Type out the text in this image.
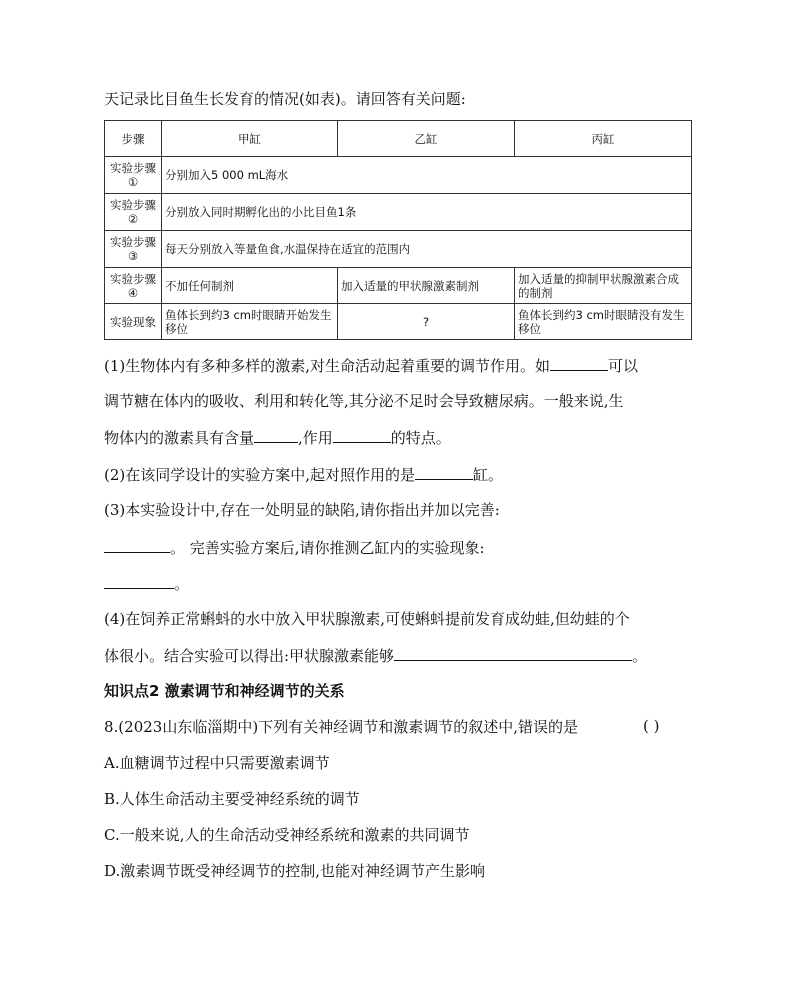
天记录比目鱼生长发育的情况(如表)。请回答有关问题:
步骤	甲缸	乙缸	丙缸
实验步骤①	分别加入5 000 mL海水		
实验步骤②	分别放入同时期孵化出的小比目鱼1条		
实验步骤③	每天分别放入等量鱼食,水温保持在适宜的范围内		
实验步骤④	不加任何制剂	加入适量的甲状腺激素制剂	加入适量的抑制甲状腺激素合成的制剂
实验现象	鱼体长到约3 cm时眼睛开始发生移位	?	鱼体长到约3 cm时眼睛没有发生移位
(1)生物体内有多种多样的激素,对生命活动起着重要的调节作用。如	可以
调节糖在体内的吸收、利用和转化等,其分泌不足时会导致糖尿病。一般来说,生
物体内的激素具有含量	,作用	的特点。
(2)在该同学设计的实验方案中,起对照作用的是	缸。
(3)本实验设计中,存在一处明显的缺陷,请你指出并加以完善:
。 完善实验方案后,请你推测乙缸内的实验现象:
。
(4)在饲养正常蝌蚪的水中放入甲状腺激素,可使蝌蚪提前发育成幼蛙,但幼蛙的个
体很小。结合实验可以得出:甲状腺激素能够	。
知识点2 激素调节和神经调节的关系
8.(2023山东临淄期中)下列有关神经调节和激素调节的叙述中,错误的是	( )
A.血糖调节过程中只需要激素调节
B.人体生命活动主要受神经系统的调节
C.一般来说,人的生命活动受神经系统和激素的共同调节
D.激素调节既受神经调节的控制,也能对神经调节产生影响
